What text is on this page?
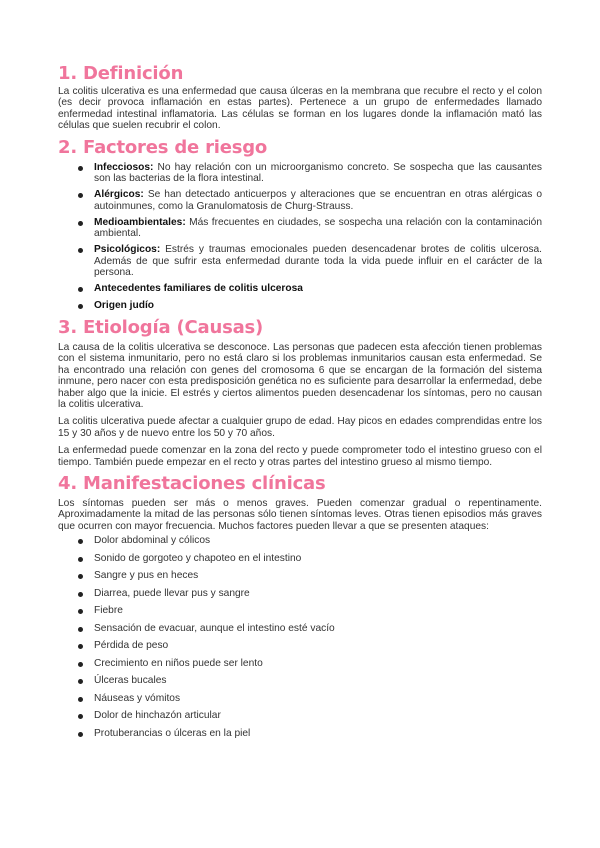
1. Definición

La colitis ulcerativa es una enfermedad que causa úlceras en la membrana que recubre el recto y el colon (es decir provoca inflamación en estas partes). Pertenece a un grupo de enfermedades llamado enfermedad intestinal inflamatoria. Las células se forman en los lugares donde la inflamación mató las células que suelen recubrir el colon.

2. Factores de riesgo
Infecciosos: No hay relación con un microorganismo concreto. Se sospecha que las causantes son las bacterias de la flora intestinal.
Alérgicos: Se han detectado anticuerpos y alteraciones que se encuentran en otras alérgicas o autoinmunes, como la Granulomatosis de Churg-Strauss.
Medioambientales: Más frecuentes en ciudades, se sospecha una relación con la contaminación ambiental.
Psicológicos: Estrés y traumas emocionales pueden desencadenar brotes de colitis ulcerosa. Además de que sufrir esta enfermedad durante toda la vida puede influir en el carácter de la persona.
Antecedentes familiares de colitis ulcerosa
Origen judío
3. Etiología (Causas)

La causa de la colitis ulcerativa se desconoce. Las personas que padecen esta afección tienen problemas con el sistema inmunitario, pero no está claro si los problemas inmunitarios causan esta enfermedad. Se ha encontrado una relación con genes del cromosoma 6 que se encargan de la formación del sistema inmune, pero nacer con esta predisposición genética no es suficiente para desarrollar la enfermedad, debe haber algo que la inicie. El estrés y ciertos alimentos pueden desencadenar los síntomas, pero no causan la colitis ulcerativa.

La colitis ulcerativa puede afectar a cualquier grupo de edad. Hay picos en edades comprendidas entre los 15 y 30 años y de nuevo entre los 50 y 70 años.

La enfermedad puede comenzar en la zona del recto y puede comprometer todo el intestino grueso con el tiempo. También puede empezar en el recto y otras partes del intestino grueso al mismo tiempo.

4. Manifestaciones clínicas

Los síntomas pueden ser más o menos graves. Pueden comenzar gradual o repentinamente. Aproximadamente la mitad de las personas sólo tienen síntomas leves. Otras tienen episodios más graves que ocurren con mayor frecuencia. Muchos factores pueden llevar a que se presenten ataques:

Dolor abdominal y cólicos
Sonido de gorgoteo y chapoteo en el intestino
Sangre y pus en heces
Diarrea, puede llevar pus y sangre
Fiebre
Sensación de evacuar, aunque el intestino esté vacío
Pérdida de peso
Crecimiento en niños puede ser lento
Úlceras bucales
Náuseas y vómitos
Dolor de hinchazón articular
Protuberancias o úlceras en la piel
